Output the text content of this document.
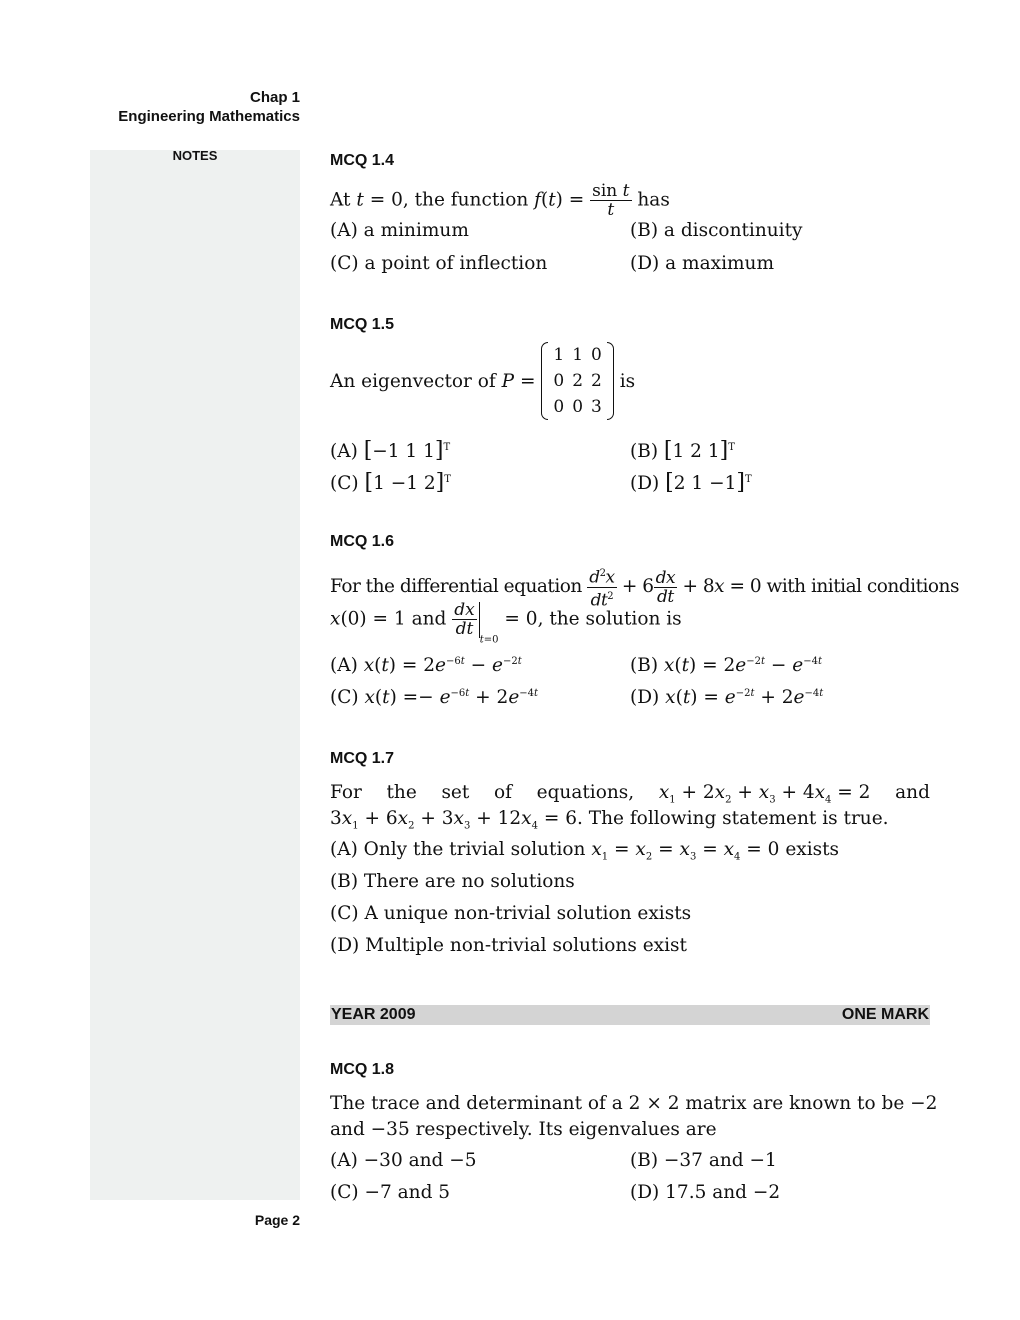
Chap 1
Engineering Mathematics
NOTES
Page 2
MCQ 1.4
At t = 0, the function $f(t) = \frac{\text{sin t}}{t}$ has
(A) a minimum	(B) a discontinuity
(C) a point of inflection	(D) a maximum
MCQ 1.5
An eigenvector of
P =
1	1	0
0	2	2
0	0	3

is
(A) [−1 1 1]$^T$	(B) [1 2 1]$^T$
(C) [1 −1 2]$^T$	(D) [2 1 −1]$^T$
MCQ 1.6
For the differential equation $\frac{d^2x}{dt^2} + 6 \frac{dx}{dt} + 8x = 0$ with initial conditions
x(0) = 1 and $\frac{dx}{dt}$
$_{t=0}$ = 0, the solution is
(A) $x(t) = 2e^{-6t} - e^{-2t}$	(B) $x(t) = 2e^{-2t} - e^{-4t}$
(C) $x(t) =- e^{-6t} + 2e^{-4t}$	(D) $x(t) = e^{-2t} + 2e^{-4t}$
MCQ 1.7
For the set of equations, $x_1 + 2x_2 + x_3 + 4x_4 = 2$ and
$3x_1 + 6x_2 + 3x_3 + 12x_4 = 6$. The following statement is true.
(A) Only the trivial solution $x_1 = x_2 = x_3 = x_4 = 0$ exists
(B) There are no solutions
(C) A unique non-trivial solution exists
(D) Multiple non-trivial solutions exist
YEAR 2009	ONE MARK
MCQ 1.8
The trace and determinant of a 2 × 2 matrix are known to be −2
and −35 respectively. Its eigenvalues are
(A) −30 and −5	(B) −37 and −1
(C) −7 and 5	(D) 17.5 and −2
